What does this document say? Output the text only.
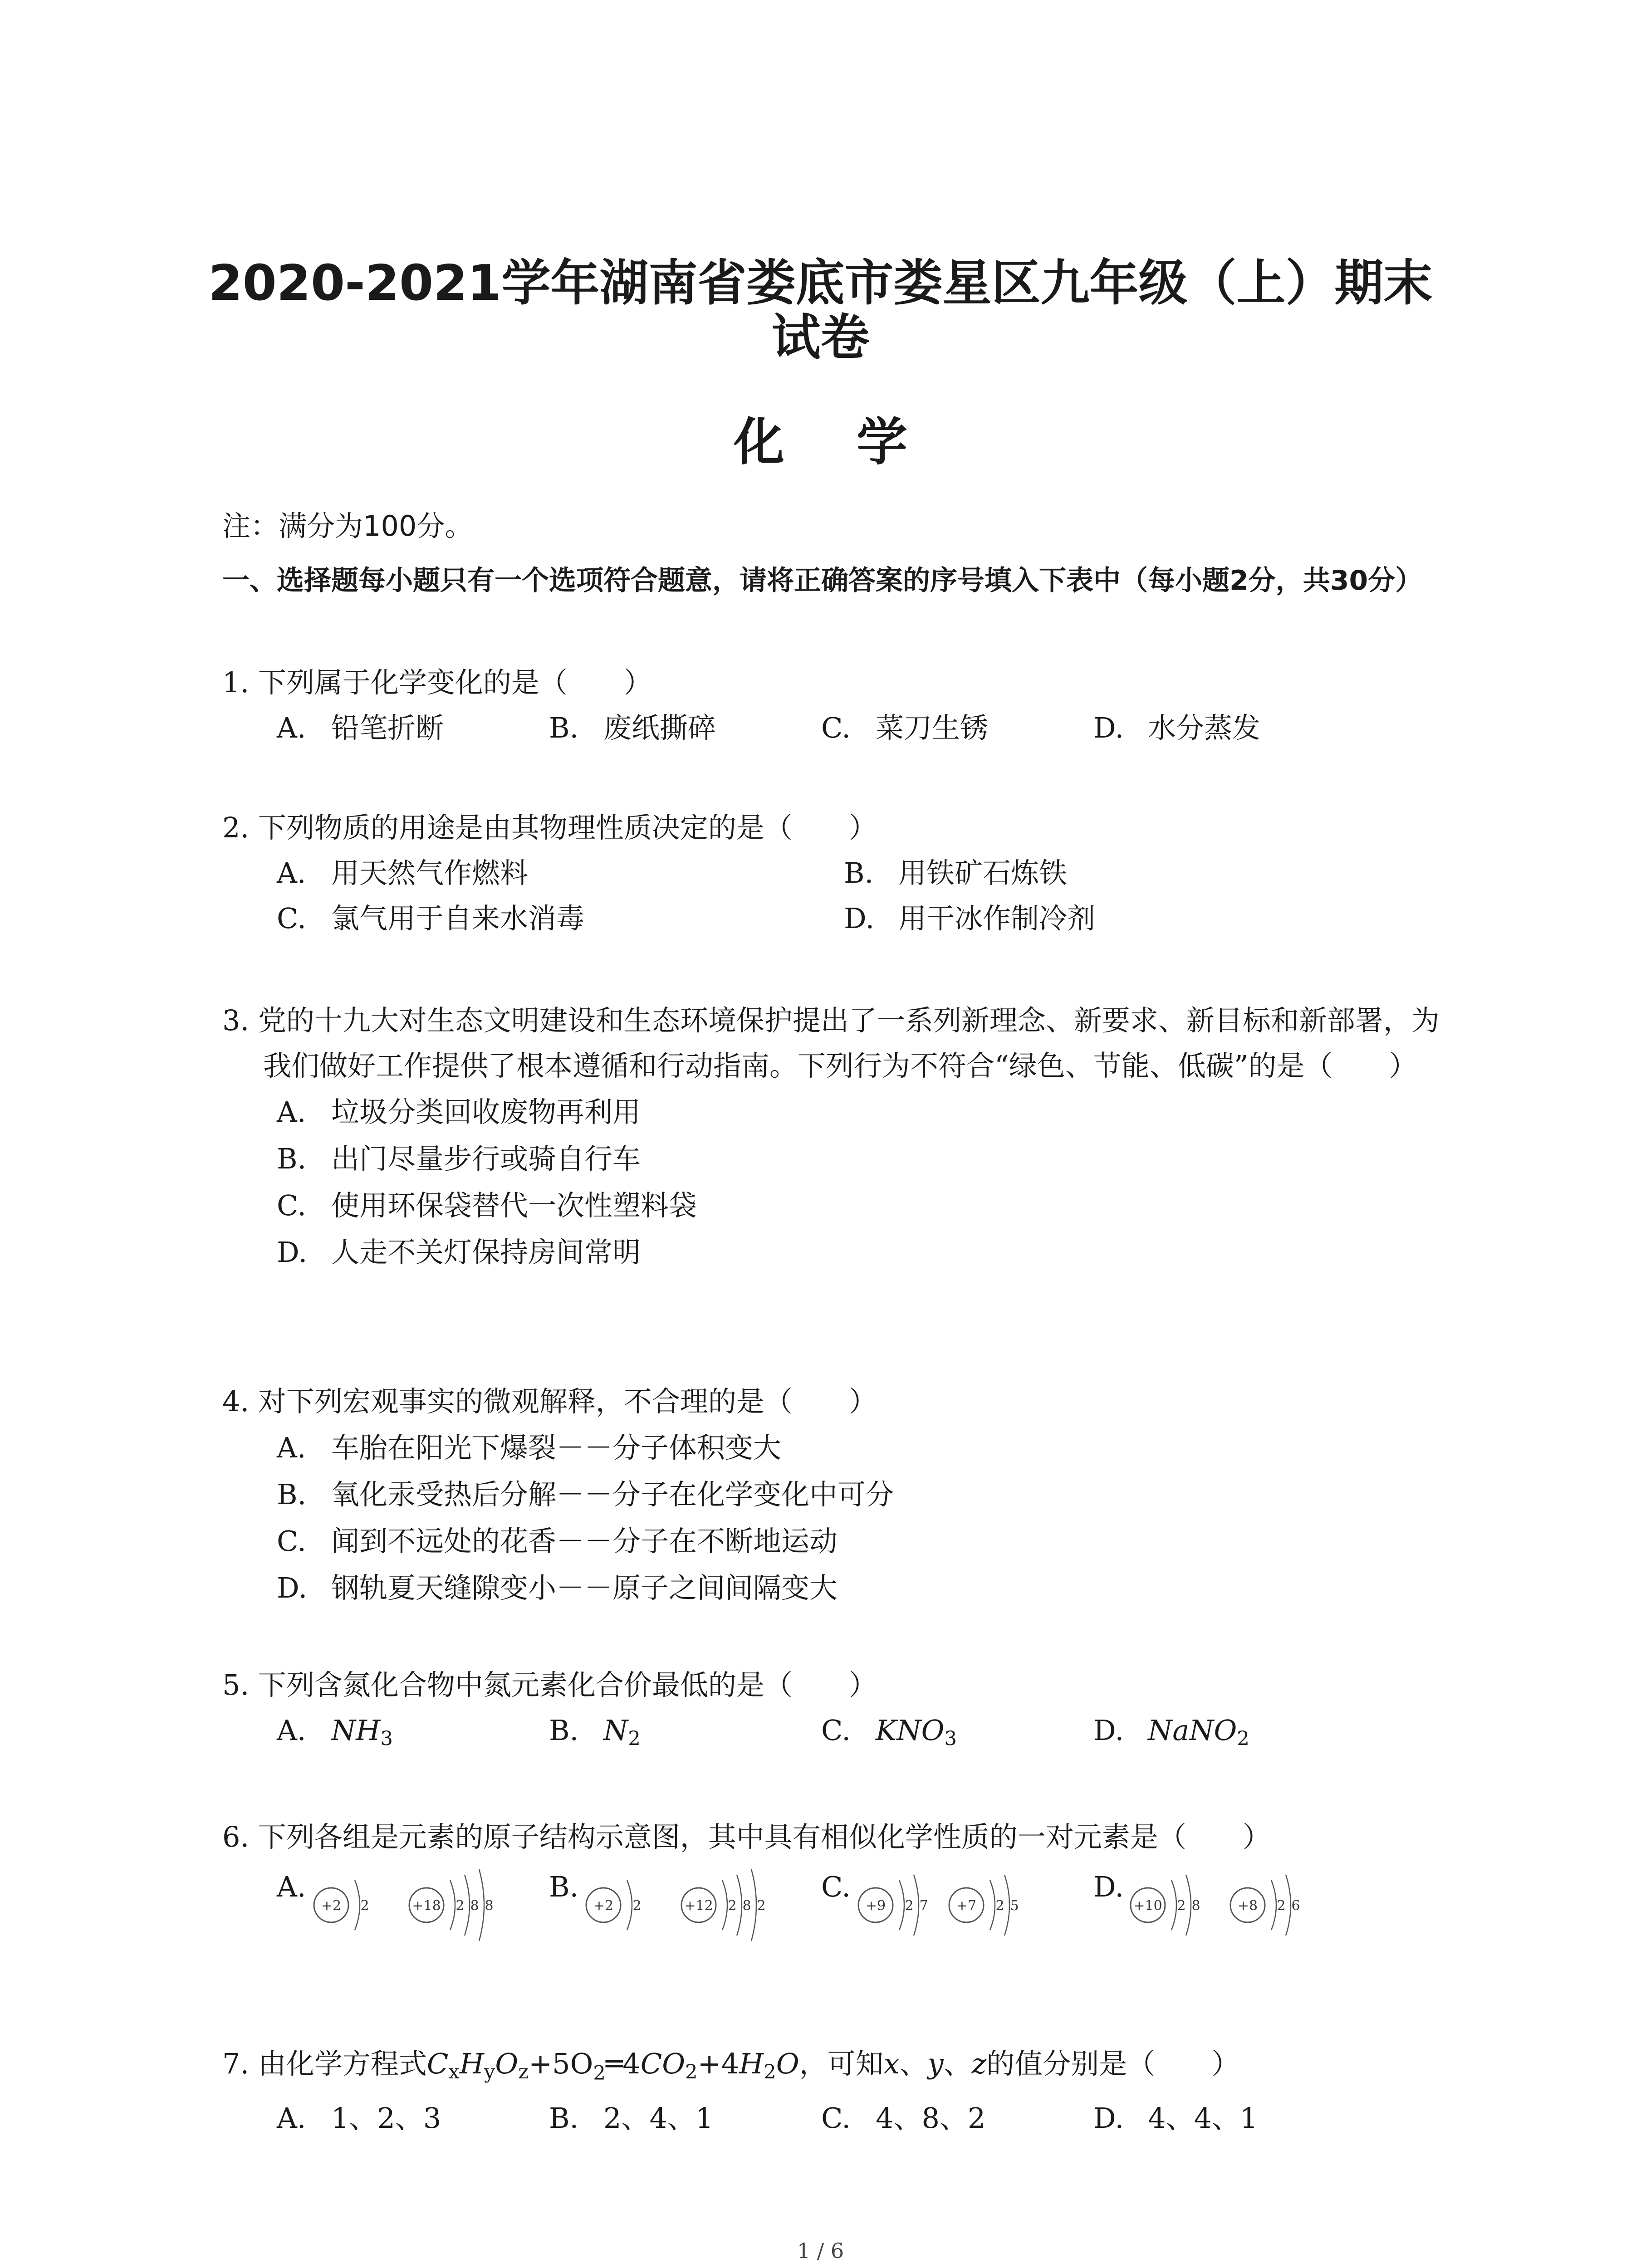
2020-2021学年湖南省娄底市娄星区九年级（上）期末
试卷
化 学
注：满分为100分。
一、选择题每小题只有一个选项符合题意，请将正确答案的序号填入下表中（每小题2分，共30分）
1. 下列属于化学变化的是（　　）
A. 铅笔折断	B. 废纸撕碎	C. 菜刀生锈	D. 水分蒸发
2. 下列物质的用途是由其物理性质决定的是（　　）
A. 用天然气作燃料	B. 用铁矿石炼铁
C. 氯气用于自来水消毒	D. 用干冰作制冷剂
3. 党的十九大对生态文明建设和生态环境保护提出了一系列新理念、新要求、新目标和新部署，为我们做好工作提供了根本遵循和行动指南。下列行为不符合“绿色、节能、低碳”的是（　　）
A. 垃圾分类回收废物再利用
B. 出门尽量步行或骑自行车
C. 使用环保袋替代一次性塑料袋
D. 人走不关灯保持房间常明
4. 对下列宏观事实的微观解释，不合理的是（　　）
A. 车胎在阳光下爆裂－－分子体积变大
B. 氧化汞受热后分解－－分子在化学变化中可分
C. 闻到不远处的花香－－分子在不断地运动
D. 钢轨夏天缝隙变小－－原子之间间隔变大
5. 下列含氮化合物中氮元素化合价最低的是（　　）
A. $NH_3$	B. $N_2$	C. $KNO_3$	D. NaNO$_2$
6. 下列各组是元素的原子结构示意图，其中具有相似化学性质的一对元素是（　　）
A.	B.	C.	D.
+2 2	+18 2 8 8	+2 2	+12 2 8 2	+9 2 7 +7 2 5	+10 2 8	+8 2 6
7. 由化学方程式$C_xH_yO_z+5O_2═4CO_2+4H_2O$，可知x、y、z的值分别是（　　）
A. 1、2、3	B. 2、4、1	C. 4、8、2	D. 4、4、1
1 / 6
